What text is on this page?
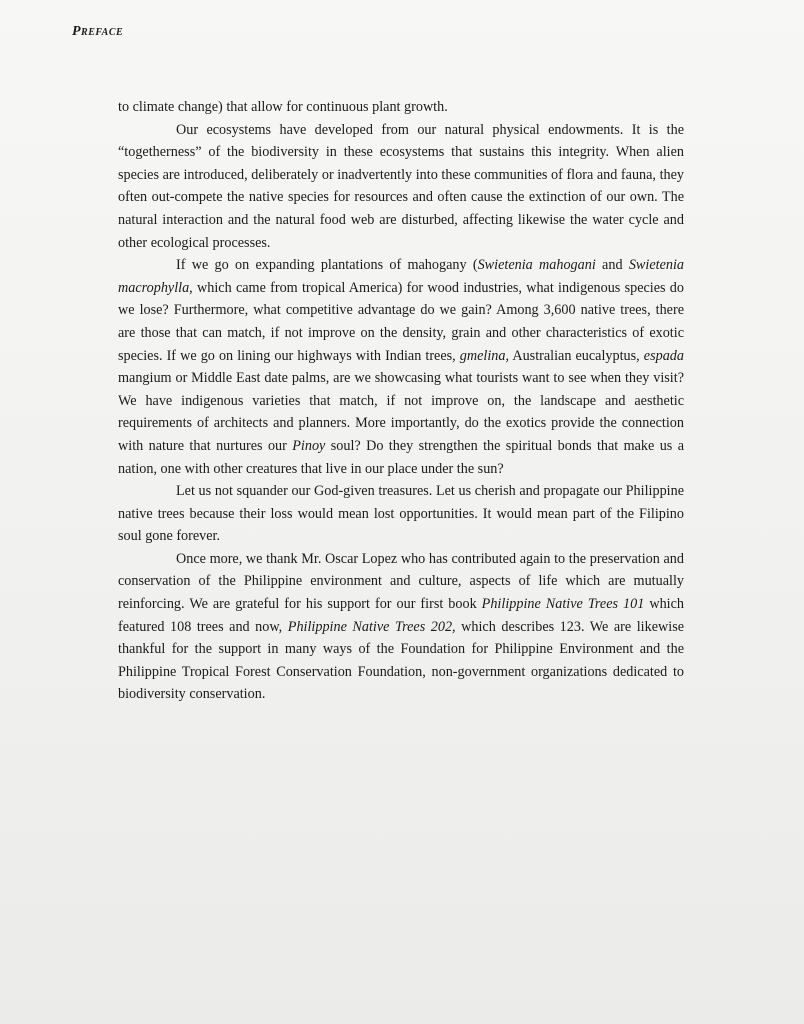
Preface

to climate change) that allow for continuous plant growth.

Our ecosystems have developed from our natural physical endowments. It is the “togetherness” of the biodiversity in these ecosystems that sustains this integrity. When alien species are introduced, deliberately or inadvertently into these communities of flora and fauna, they often out-compete the native species for resources and often cause the extinction of our own. The natural interaction and the natural food web are disturbed, affecting likewise the water cycle and other ecological processes.

If we go on expanding plantations of mahogany (Swietenia mahogani and Swietenia macrophylla, which came from tropical America) for wood industries, what indigenous species do we lose? Furthermore, what competitive advantage do we gain? Among 3,600 native trees, there are those that can match, if not improve on the density, grain and other characteristics of exotic species. If we go on lining our highways with Indian trees, gmelina, Australian eucalyptus, espada mangium or Middle East date palms, are we showcasing what tourists want to see when they visit? We have indigenous varieties that match, if not improve on, the landscape and aesthetic requirements of architects and planners. More importantly, do the exotics provide the connection with nature that nurtures our Pinoy soul? Do they strengthen the spiritual bonds that make us a nation, one with other creatures that live in our place under the sun?

Let us not squander our God-given treasures. Let us cherish and propagate our Philippine native trees because their loss would mean lost opportunities. It would mean part of the Filipino soul gone forever.

Once more, we thank Mr. Oscar Lopez who has contributed again to the preservation and conservation of the Philippine environment and culture, aspects of life which are mutually reinforcing. We are grateful for his support for our first book Philippine Native Trees 101 which featured 108 trees and now, Philippine Native Trees 202, which describes 123. We are likewise thankful for the support in many ways of the Foundation for Philippine Environment and the Philippine Tropical Forest Conservation Foundation, non-government organizations dedicated to biodiversity conservation.
